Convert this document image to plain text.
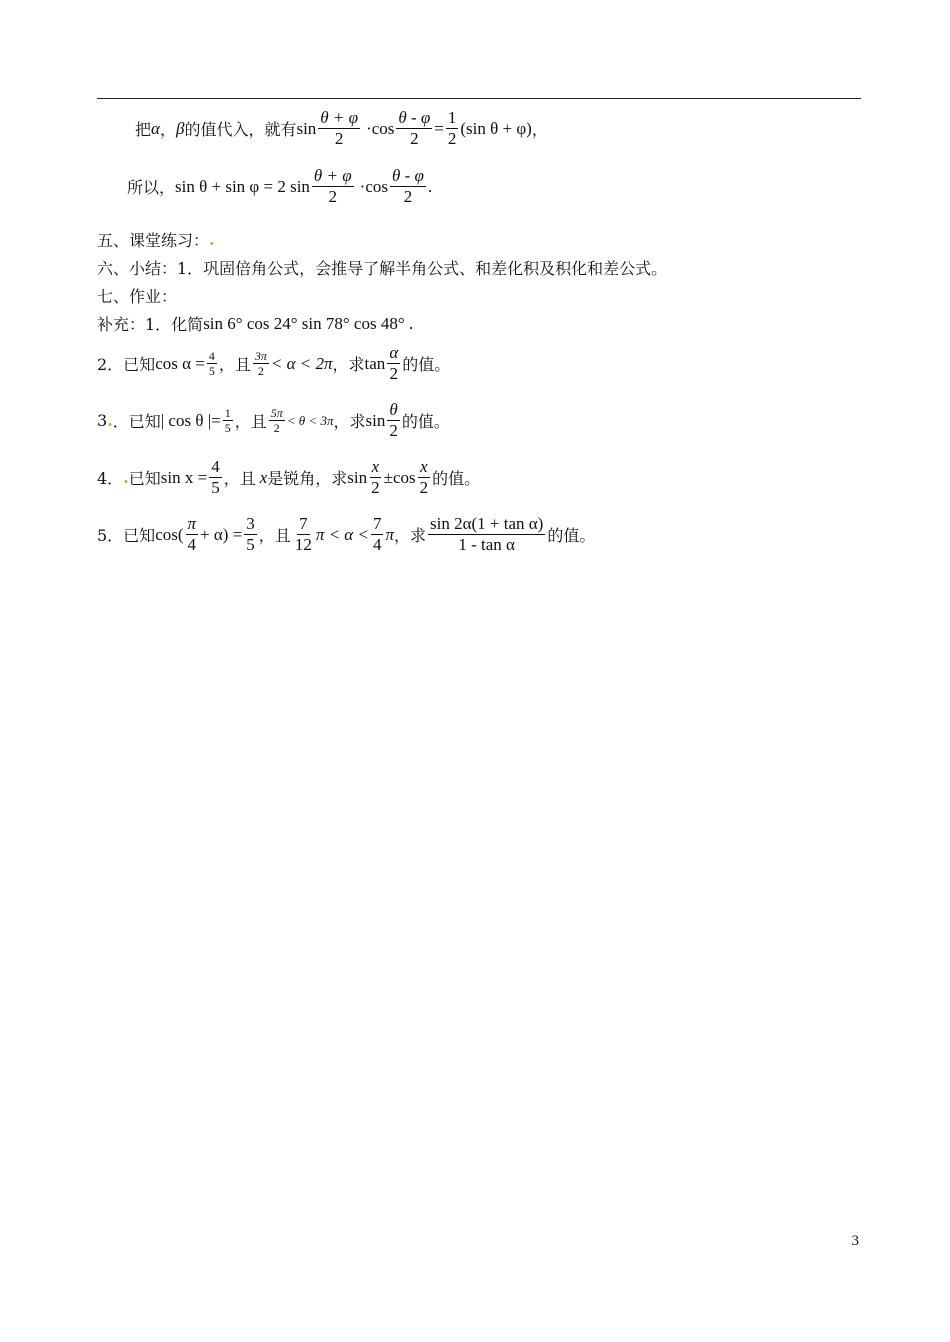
把 α ， β 的值代入，就有 $\sin \frac{\theta + \varphi}{2} \cdot\cos \frac{\theta - \varphi}{2} = \frac{1}{2} (\sin$ θ + φ) ，
所以， sin θ + sin φ = 2 $\sin \frac{\theta + \varphi}{2} \cdot\cos \frac{\theta - \varphi}{2}$ .
五、课堂练习： .
六、小结：1．巩固倍角公式，会推导了解半角公式、和差化积及积化和差公式。
七、作业：
补充：1．化简 sin 6° cos 24° sin 78° cos 48° .
2．已知 $\cos \alpha = \frac{4}{5}$ ，且 $\frac{3\pi}{2} < \alpha < 2\pi$ ，求 $\tan \frac{\alpha}{2}$ 的值。
3 . ．已知 | cos θ |= $\frac{1}{5}$ ，且 $\frac{5\pi}{2} < \theta < 3\pi$ ，求 $\sin \frac{\theta}{2}$ 的值。
4． . 已知 $\sin x = \frac{4}{5}$ ，且 x 是锐角，求 $\sin \frac{x}{2} \pm\cos \frac{x}{2}$ 的值。
5．已知 $\cos( \frac{\pi}{4} + \alpha) = \frac{3}{5}$ ，且 $\frac{7}{12}$ $\pi < \alpha < \frac{7}{4}$ π ，求 $\frac{\text{sin 2α(1 + tan α)}}{\text{1 - tan α}}$ 的值。
3
